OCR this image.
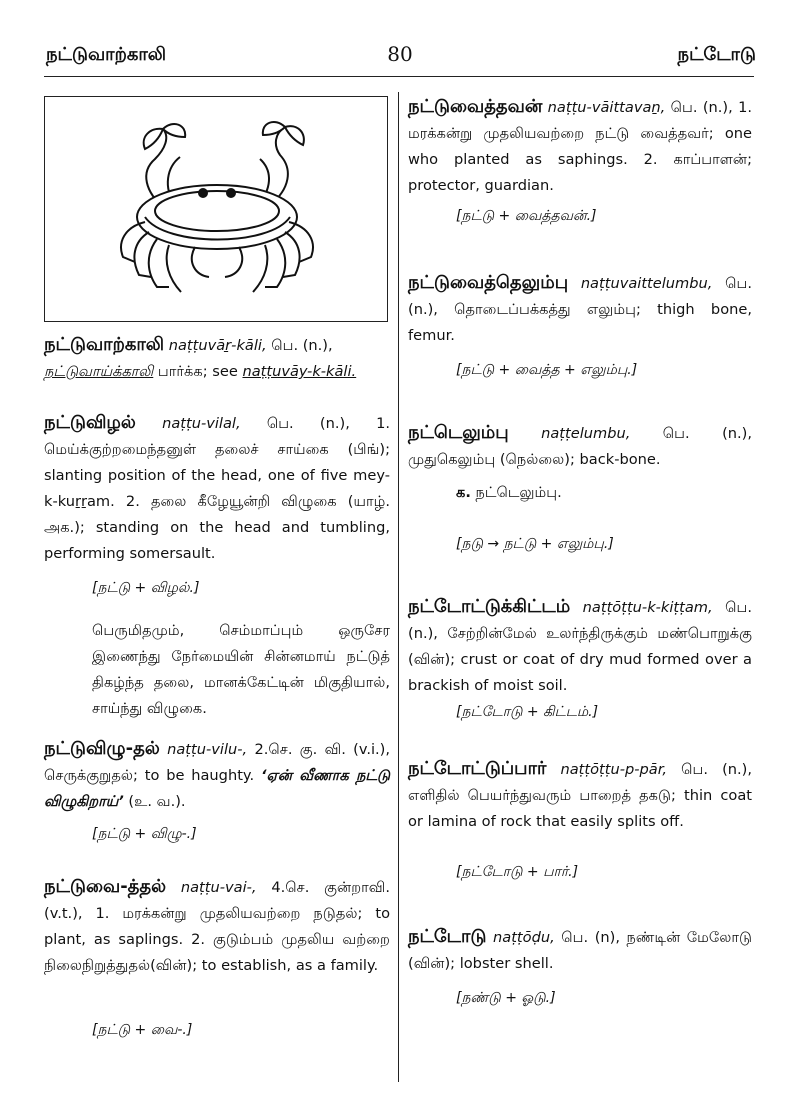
நட்டுவாற்காலி	80	நட்டோடு
நட்டுவாற்காலி naṭṭuvāṟ-kāli, பெ. (n.),
நட்டுவாய்க்காலி பார்க்க; see naṭṭuvāy-k-kāli.
நட்டுவிழல் naṭṭu-vilal, பெ. (n.), 1. மெய்க்குற்றமைந்தனுள் தலைச் சாய்கை (பிங்); slanting position of the head, one of five mey-k-kuṟṟam. 2. தலை கீழேயூன்றி விழுகை (யாழ். அக.); standing on the head and tumbling, performing somersault.
[நட்டு + விழல்.]
பெருமிதமும், செம்மாப்பும் ஒருசேர இணைந்து நேர்மையின் சின்னமாய் நட்டுத் திகழ்ந்த தலை, மானக்கேட்டின் மிகுதியால், சாய்ந்து விழுகை.
நட்டுவிழு-தல் naṭṭu-vilu-, 2.செ. கு. வி. (v.i.), செருக்குறுதல்; to be haughty. ‘ஏன் வீணாக நட்டு விழுகிறாய்’ (உ. வ.).
[நட்டு + விழு-.]
நட்டுவை-த்தல் naṭṭu-vai-, 4.செ. குன்றாவி. (v.t.), 1. மரக்கன்று முதலியவற்றை நடுதல்; to plant, as saplings. 2. குடும்பம் முதலிய வற்றை நிலைநிறுத்துதல்(வின்); to establish, as a family.
[நட்டு + வை-.]
நட்டுவைத்தவன் naṭṭu-vāittavaṉ, பெ. (n.), 1. மரக்கன்று முதலியவற்றை நட்டு வைத்தவர்; one who planted as saphings. 2. காப்பாளன்; protector, guardian.
[நட்டு + வைத்தவன்.]
நட்டுவைத்தெலும்பு naṭṭuvaittelumbu, பெ. (n.), தொடைப்பக்கத்து எலும்பு; thigh bone, femur.
[நட்டு + வைத்த + எலும்பு.]
நட்டெலும்பு naṭṭelumbu, பெ. (n.), முதுகெலும்பு (நெல்லை); back-bone.
க. நட்டெலும்பு.
[நடு → நட்டு + எலும்பு.]
நட்டோட்டுக்கிட்டம் naṭṭōṭṭu-k-kiṭṭam, பெ. (n.), சேற்றின்மேல் உலர்ந்திருக்கும் மண்பொறுக்கு (வின்); crust or coat of dry mud formed over a brackish of moist soil.
[நட்டோடு + கிட்டம்.]
நட்டோட்டுப்பார் naṭṭōṭṭu-p-pār, பெ. (n.), எளிதில் பெயர்ந்துவரும் பாறைத் தகடு; thin coat or lamina of rock that easily splits off.
[நட்டோடு + பார்.]
நட்டோடு naṭṭōḍu, பெ. (n), நண்டின் மேலோடு (வின்); lobster shell.
[நண்டு + ஓடு.]
